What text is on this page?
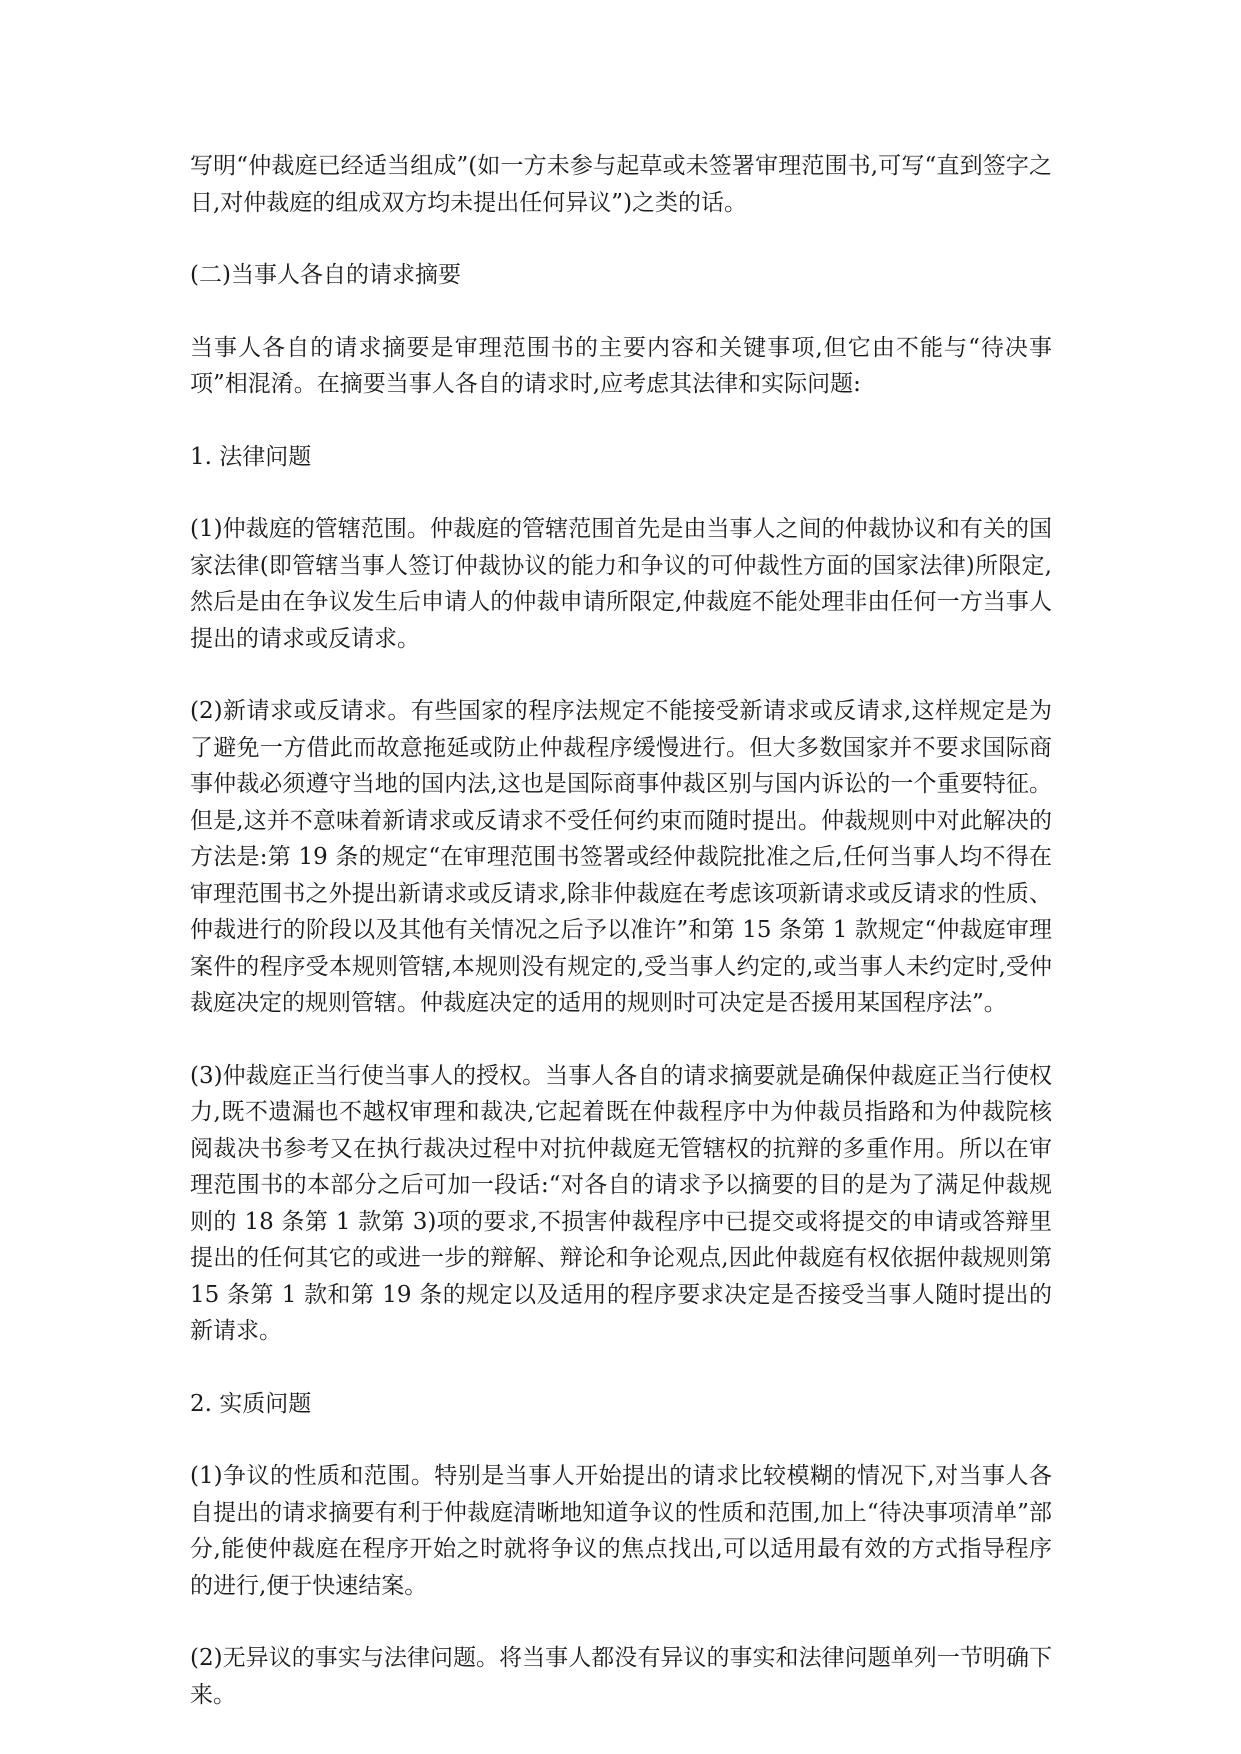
写明“仲裁庭已经适当组成”(如一方未参与起草或未签署审理范围书,可写“直到签字之日,对仲裁庭的组成双方均未提出任何异议”)之类的话。

(二)当事人各自的请求摘要

当事人各自的请求摘要是审理范围书的主要内容和关键事项,但它由不能与“待决事项”相混淆。在摘要当事人各自的请求时,应考虑其法律和实际问题:

1. 法律问题

(1)仲裁庭的管辖范围。仲裁庭的管辖范围首先是由当事人之间的仲裁协议和有关的国家法律(即管辖当事人签订仲裁协议的能力和争议的可仲裁性方面的国家法律)所限定,然后是由在争议发生后申请人的仲裁申请所限定,仲裁庭不能处理非由任何一方当事人提出的请求或反请求。

(2)新请求或反请求。有些国家的程序法规定不能接受新请求或反请求,这样规定是为了避免一方借此而故意拖延或防止仲裁程序缓慢进行。但大多数国家并不要求国际商事仲裁必须遵守当地的国内法,这也是国际商事仲裁区别与国内诉讼的一个重要特征。但是,这并不意味着新请求或反请求不受任何约束而随时提出。仲裁规则中对此解决的方法是:第 19 条的规定“在审理范围书签署或经仲裁院批准之后,任何当事人均不得在审理范围书之外提出新请求或反请求,除非仲裁庭在考虑该项新请求或反请求的性质、仲裁进行的阶段以及其他有关情况之后予以准许”和第 15 条第 1 款规定“仲裁庭审理案件的程序受本规则管辖,本规则没有规定的,受当事人约定的,或当事人未约定时,受仲裁庭决定的规则管辖。仲裁庭决定的适用的规则时可决定是否援用某国程序法”。

(3)仲裁庭正当行使当事人的授权。当事人各自的请求摘要就是确保仲裁庭正当行使权力,既不遗漏也不越权审理和裁决,它起着既在仲裁程序中为仲裁员指路和为仲裁院核阅裁决书参考又在执行裁决过程中对抗仲裁庭无管辖权的抗辩的多重作用。所以在审理范围书的本部分之后可加一段话:“对各自的请求予以摘要的目的是为了满足仲裁规则的 18 条第 1 款第 3)项的要求,不损害仲裁程序中已提交或将提交的申请或答辩里提出的任何其它的或进一步的辩解、辩论和争论观点,因此仲裁庭有权依据仲裁规则第 15 条第 1 款和第 19 条的规定以及适用的程序要求决定是否接受当事人随时提出的新请求。

2. 实质问题

(1)争议的性质和范围。特别是当事人开始提出的请求比较模糊的情况下,对当事人各自提出的请求摘要有利于仲裁庭清晰地知道争议的性质和范围,加上“待决事项清单”部分,能使仲裁庭在程序开始之时就将争议的焦点找出,可以适用最有效的方式指导程序的进行,便于快速结案。

(2)无异议的事实与法律问题。将当事人都没有异议的事实和法律问题单列一节明确下来。
